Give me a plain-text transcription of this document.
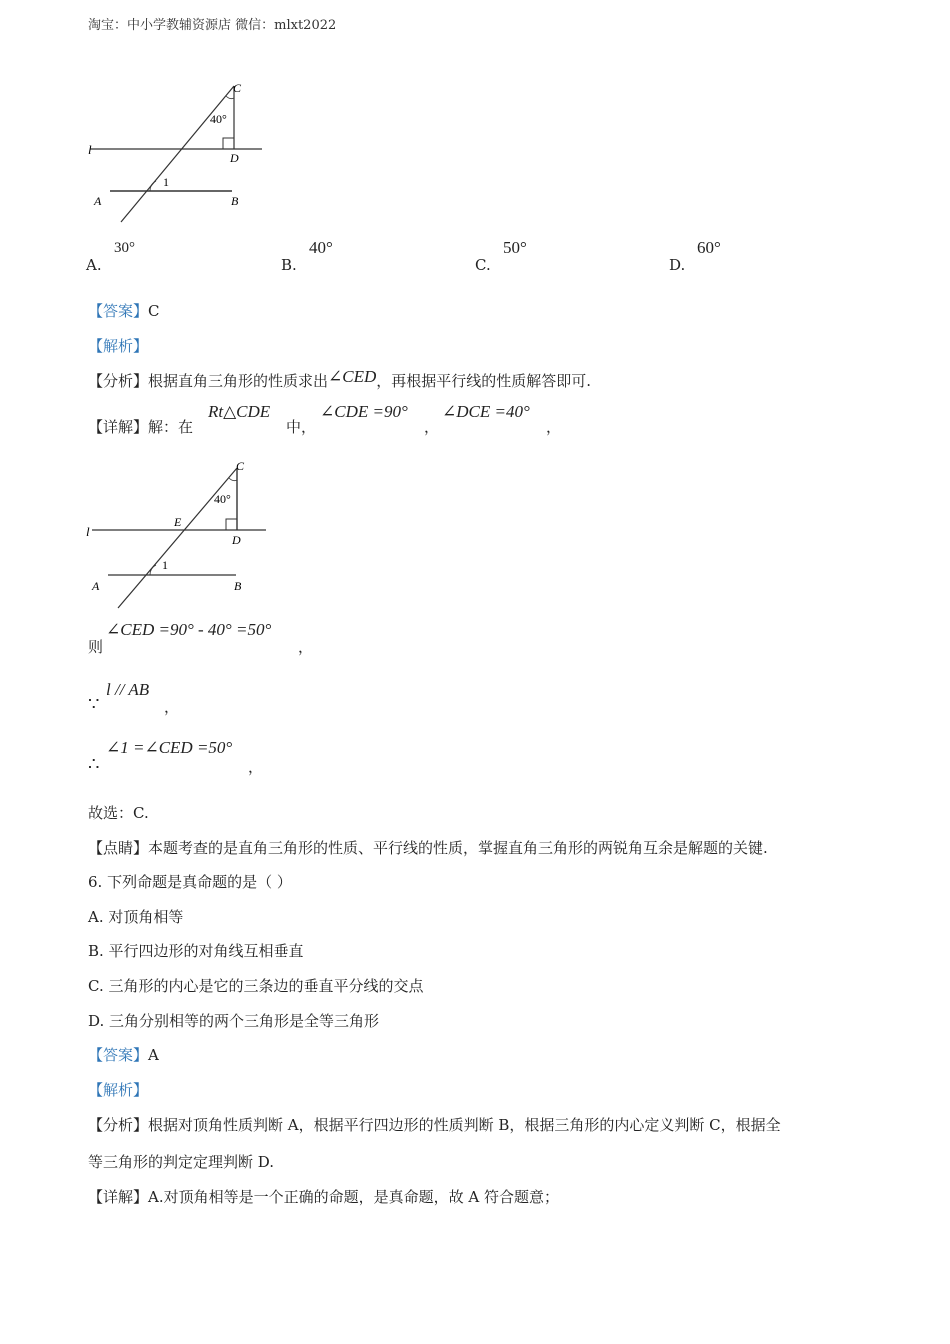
淘宝：中小学教辅资源店 微信：mlxt2022
C
40°
D
l
1
A	B
A.
30°
B.
40°
C.
50°
D.
60°
【答案】C
【解析】
【分析】根据直角三角形的性质求出∠CED，再根据平行线的性质解答即可.
【详解】解：在
Rt△CDE
中，
∠CDE =90°
，
∠DCE =40°
，
C
40°
E
D
l
1
A	B
则
∠CED =90° - 40° =50°
，
∵
l // AB
，
∴
∠1 =∠CED =50°
，
故选：C.
【点睛】本题考查的是直角三角形的性质、平行线的性质，掌握直角三角形的两锐角互余是解题的关键.
6. 下列命题是真命题的是（ ）
A. 对顶角相等
B. 平行四边形的对角线互相垂直
C. 三角形的内心是它的三条边的垂直平分线的交点
D. 三角分别相等的两个三角形是全等三角形
【答案】A
【解析】
【分析】根据对顶角性质判断 A，根据平行四边形的性质判断 B，根据三角形的内心定义判断 C，根据全
等三角形的判定定理判断 D.
【详解】A.对顶角相等是一个正确的命题，是真命题，故 A 符合题意；
